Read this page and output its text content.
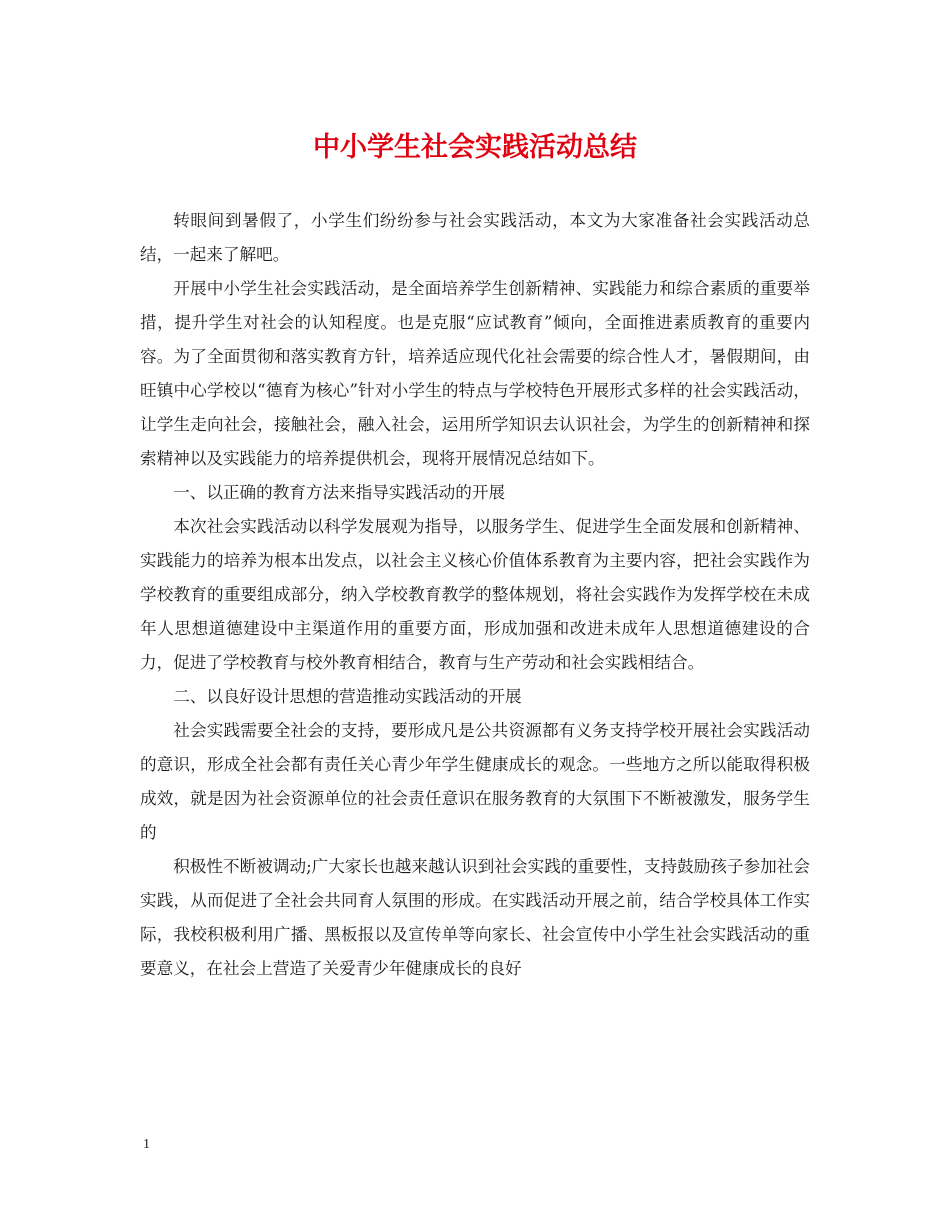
中小学生社会实践活动总结

转眼间到暑假了，小学生们纷纷参与社会实践活动，本文为大家准备社会实践活动总结，一起来了解吧。

开展中小学生社会实践活动，是全面培养学生创新精神、实践能力和综合素质的重要举措，提升学生对社会的认知程度。也是克服“应试教育”倾向，全面推进素质教育的重要内容。为了全面贯彻和落实教育方针，培养适应现代化社会需要的综合性人才，暑假期间，由旺镇中心学校以“德育为核心”针对小学生的特点与学校特色开展形式多样的社会实践活动，让学生走向社会，接触社会，融入社会，运用所学知识去认识社会，为学生的创新精神和探索精神以及实践能力的培养提供机会，现将开展情况总结如下。

一、以正确的教育方法来指导实践活动的开展

本次社会实践活动以科学发展观为指导，以服务学生、促进学生全面发展和创新精神、实践能力的培养为根本出发点，以社会主义核心价值体系教育为主要内容，把社会实践作为学校教育的重要组成部分，纳入学校教育教学的整体规划，将社会实践作为发挥学校在未成年人思想道德建设中主渠道作用的重要方面，形成加强和改进未成年人思想道德建设的合力，促进了学校教育与校外教育相结合，教育与生产劳动和社会实践相结合。

二、以良好设计思想的营造推动实践活动的开展

社会实践需要全社会的支持，要形成凡是公共资源都有义务支持学校开展社会实践活动的意识，形成全社会都有责任关心青少年学生健康成长的观念。一些地方之所以能取得积极成效，就是因为社会资源单位的社会责任意识在服务教育的大氛围下不断被激发，服务学生的

积极性不断被调动;广大家长也越来越认识到社会实践的重要性，支持鼓励孩子参加社会实践，从而促进了全社会共同育人氛围的形成。在实践活动开展之前，结合学校具体工作实际，我校积极利用广播、黑板报以及宣传单等向家长、社会宣传中小学生社会实践活动的重要意义，在社会上营造了关爱青少年健康成长的良好

1
